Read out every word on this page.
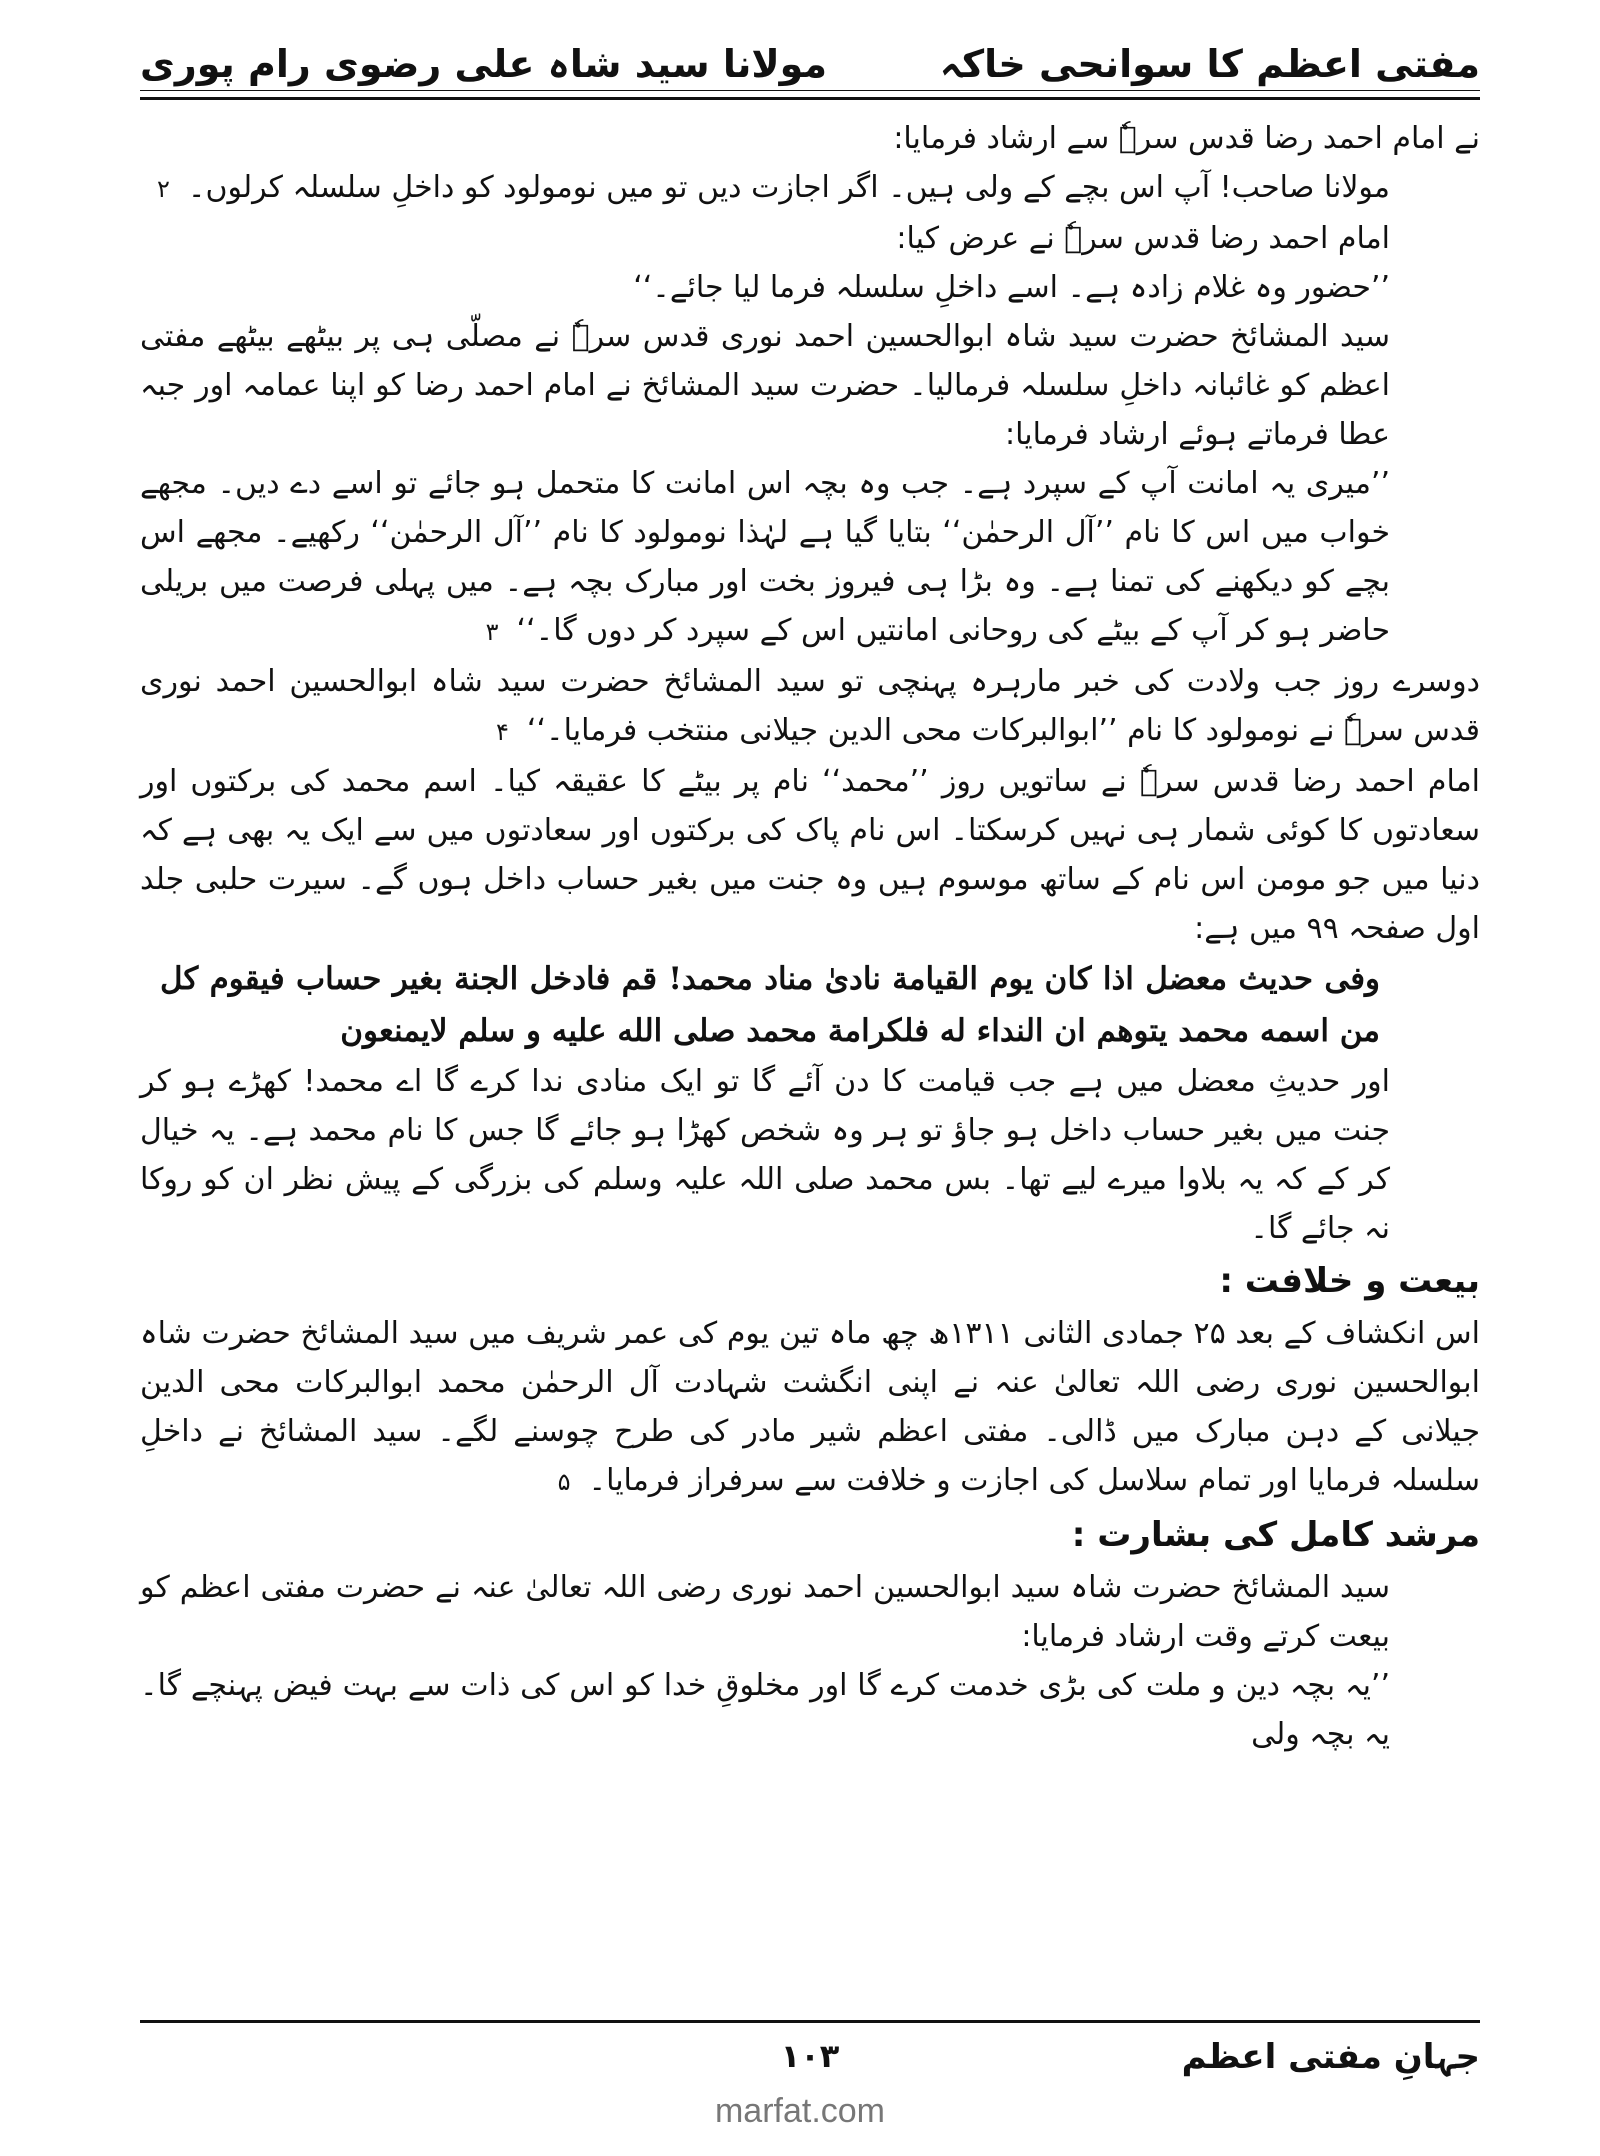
مفتی اعظم کا سوانحی خاکہ
مولانا سید شاہ علی رضوی رام پوری

نے امام احمد رضا قدس سرہٗ سے ارشاد فرمایا:

مولانا صاحب! آپ اس بچے کے ولی ہیں۔ اگر اجازت دیں تو میں نومولود کو داخلِ سلسلہ کرلوں۔۲

امام احمد رضا قدس سرہٗ نے عرض کیا:

’’حضور وہ غلام زادہ ہے۔ اسے داخلِ سلسلہ فرما لیا جائے۔‘‘

سید المشائخ حضرت سید شاہ ابوالحسین احمد نوری قدس سرہٗ نے مصلّی ہی پر بیٹھے بیٹھے مفتی اعظم کو غائبانہ داخلِ سلسلہ فرمالیا۔ حضرت سید المشائخ نے امام احمد رضا کو اپنا عمامہ اور جبہ عطا فرماتے ہوئے ارشاد فرمایا:

’’میری یہ امانت آپ کے سپرد ہے۔ جب وہ بچہ اس امانت کا متحمل ہو جائے تو اسے دے دیں۔ مجھے خواب میں اس کا نام ’’آل الرحمٰن‘‘ بتایا گیا ہے لہٰذا نومولود کا نام ’’آل الرحمٰن‘‘ رکھیے۔ مجھے اس بچے کو دیکھنے کی تمنا ہے۔ وہ بڑا ہی فیروز بخت اور مبارک بچہ ہے۔ میں پہلی فرصت میں بریلی حاضر ہو کر آپ کے بیٹے کی روحانی امانتیں اس کے سپرد کر دوں گا۔‘‘۳

دوسرے روز جب ولادت کی خبر مارہرہ پہنچی تو سید المشائخ حضرت سید شاہ ابوالحسین احمد نوری قدس سرہٗ نے نومولود کا نام ’’ابوالبرکات محی الدین جیلانی منتخب فرمایا۔‘‘۴

امام احمد رضا قدس سرہٗ نے ساتویں روز ’’محمد‘‘ نام پر بیٹے کا عقیقہ کیا۔ اسم محمد کی برکتوں اور سعادتوں کا کوئی شمار ہی نہیں کرسکتا۔ اس نام پاک کی برکتوں اور سعادتوں میں سے ایک یہ بھی ہے کہ دنیا میں جو مومن اس نام کے ساتھ موسوم ہیں وہ جنت میں بغیر حساب داخل ہوں گے۔ سیرت حلبی جلد اول صفحہ ۹۹ میں ہے:

وفی حدیث معضل اذا کان یوم القیامة نادیٰ مناد محمد! قم فادخل الجنة بغیر حساب فیقوم کل من اسمه محمد یتوهم ان النداء له فلکرامة محمد صلی الله علیه و سلم لایمنعون

اور حدیثِ معضل میں ہے جب قیامت کا دن آئے گا تو ایک منادی ندا کرے گا اے محمد! کھڑے ہو کر جنت میں بغیر حساب داخل ہو جاؤ تو ہر وہ شخص کھڑا ہو جائے گا جس کا نام محمد ہے۔ یہ خیال کر کے کہ یہ بلاوا میرے لیے تھا۔ بس محمد صلی اللہ علیہ وسلم کی بزرگی کے پیش نظر ان کو روکا نہ جائے گا۔

بیعت و خلافت :

اس انکشاف کے بعد ۲۵ جمادی الثانی ۱۳۱۱ھ چھ ماہ تین یوم کی عمر شریف میں سید المشائخ حضرت شاہ ابوالحسین نوری رضی اللہ تعالیٰ عنہ نے اپنی انگشت شہادت آل الرحمٰن محمد ابوالبرکات محی الدین جیلانی کے دہن مبارک میں ڈالی۔ مفتی اعظم شیر مادر کی طرح چوسنے لگے۔ سید المشائخ نے داخلِ سلسلہ فرمایا اور تمام سلاسل کی اجازت و خلافت سے سرفراز فرمایا۔۵

مرشد کامل کی بشارت :

سید المشائخ حضرت شاہ سید ابوالحسین احمد نوری رضی اللہ تعالیٰ عنہ نے حضرت مفتی اعظم کو بیعت کرتے وقت ارشاد فرمایا:

’’یہ بچہ دین و ملت کی بڑی خدمت کرے گا اور مخلوقِ خدا کو اس کی ذات سے بہت فیض پہنچے گا۔ یہ بچہ ولی

جہانِ مفتی اعظم
۱۰۳
marfat.com
